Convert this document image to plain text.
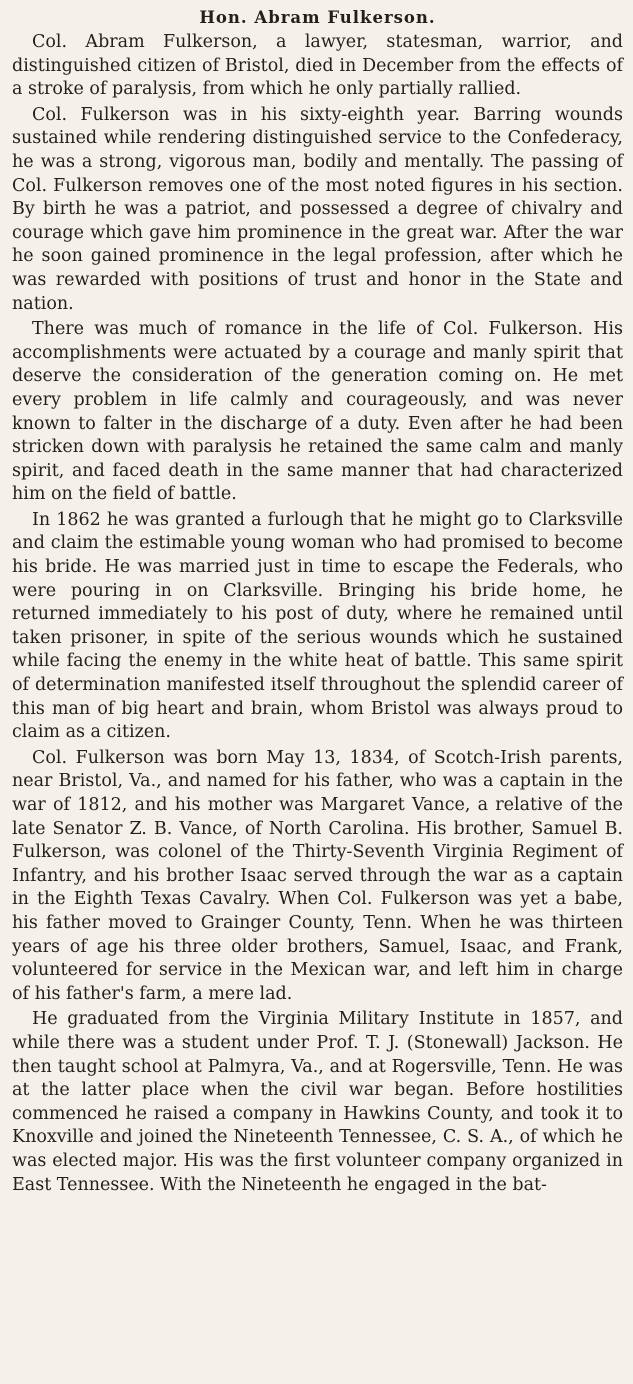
Hon. Abram Fulkerson.

Col. Abram Fulkerson, a lawyer, statesman, warrior, and distinguished citizen of Bristol, died in December from the effects of a stroke of paralysis, from which he only partially rallied.

Col. Fulkerson was in his sixty-eighth year. Barring wounds sustained while rendering distinguished service to the Confederacy, he was a strong, vigorous man, bodily and mentally. The passing of Col. Fulkerson removes one of the most noted figures in his section. By birth he was a patriot, and possessed a degree of chivalry and courage which gave him prominence in the great war. After the war he soon gained prominence in the legal profession, after which he was rewarded with positions of trust and honor in the State and nation.

There was much of romance in the life of Col. Fulkerson. His accomplishments were actuated by a courage and manly spirit that deserve the consideration of the generation coming on. He met every problem in life calmly and courageously, and was never known to falter in the discharge of a duty. Even after he had been stricken down with paralysis he retained the same calm and manly spirit, and faced death in the same manner that had characterized him on the field of battle.

In 1862 he was granted a furlough that he might go to Clarksville and claim the estimable young woman who had promised to become his bride. He was married just in time to escape the Federals, who were pouring in on Clarksville. Bringing his bride home, he returned immediately to his post of duty, where he remained until taken prisoner, in spite of the serious wounds which he sustained while facing the enemy in the white heat of battle. This same spirit of determination manifested itself throughout the splendid career of this man of big heart and brain, whom Bristol was always proud to claim as a citizen.

Col. Fulkerson was born May 13, 1834, of Scotch-Irish parents, near Bristol, Va., and named for his father, who was a captain in the war of 1812, and his mother was Margaret Vance, a relative of the late Senator Z. B. Vance, of North Carolina. His brother, Samuel B. Fulkerson, was colonel of the Thirty-Seventh Virginia Regiment of Infantry, and his brother Isaac served through the war as a captain in the Eighth Texas Cavalry. When Col. Fulkerson was yet a babe, his father moved to Grainger County, Tenn. When he was thirteen years of age his three older brothers, Samuel, Isaac, and Frank, volunteered for service in the Mexican war, and left him in charge of his father's farm, a mere lad.

He graduated from the Virginia Military Institute in 1857, and while there was a student under Prof. T. J. (Stonewall) Jackson. He then taught school at Palmyra, Va., and at Rogersville, Tenn. He was at the latter place when the civil war began. Before hostilities commenced he raised a company in Hawkins County, and took it to Knoxville and joined the Nineteenth Tennessee, C. S. A., of which he was elected major. His was the first volunteer company organized in East Tennessee. With the Nineteenth he engaged in the bat-
